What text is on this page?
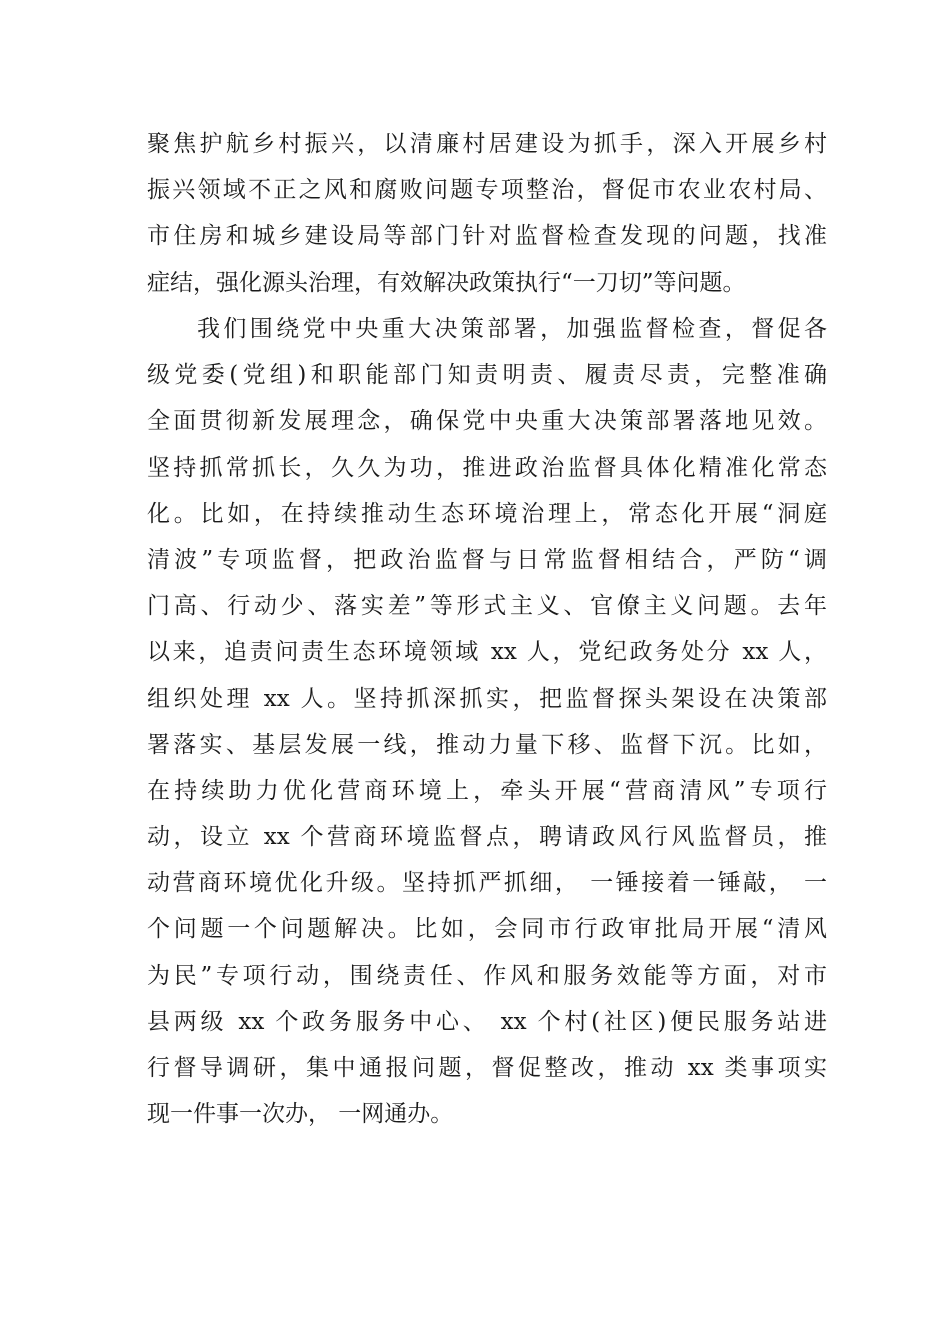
聚焦护航乡村振兴，以清廉村居建设为抓手，深入开展乡村
振兴领域不正之风和腐败问题专项整治，督促市农业农村局、
市住房和城乡建设局等部门针对监督检查发现的问题，找准
症结，强化源头治理，有效解决政策执行“一刀切”等问题。
我们围绕党中央重大决策部署，加强监督检查，督促各
级党委(党组)和职能部门知责明责、履责尽责，完整准确
全面贯彻新发展理念，确保党中央重大决策部署落地见效。
坚持抓常抓长，久久为功，推进政治监督具体化精准化常态
化。比如，在持续推动生态环境治理上，常态化开展“洞庭
清波”专项监督，把政治监督与日常监督相结合，严防“调
门高、行动少、落实差”等形式主义、官僚主义问题。去年
以来，追责问责生态环境领域 xx 人，党纪政务处分 xx 人，
组织处理 xx 人。坚持抓深抓实，把监督探头架设在决策部
署落实、基层发展一线，推动力量下移、监督下沉。比如，
在持续助力优化营商环境上，牵头开展“营商清风”专项行
动，设立 xx 个营商环境监督点，聘请政风行风监督员，推
动营商环境优化升级。坚持抓严抓细， 一锤接着一锤敲， 一
个问题一个问题解决。比如，会同市行政审批局开展“清风
为民”专项行动，围绕责任、作风和服务效能等方面，对市
县两级 xx 个政务服务中心、 xx 个村(社区)便民服务站进
行督导调研，集中通报问题，督促整改，推动 xx 类事项实
现一件事一次办， 一网通办。
